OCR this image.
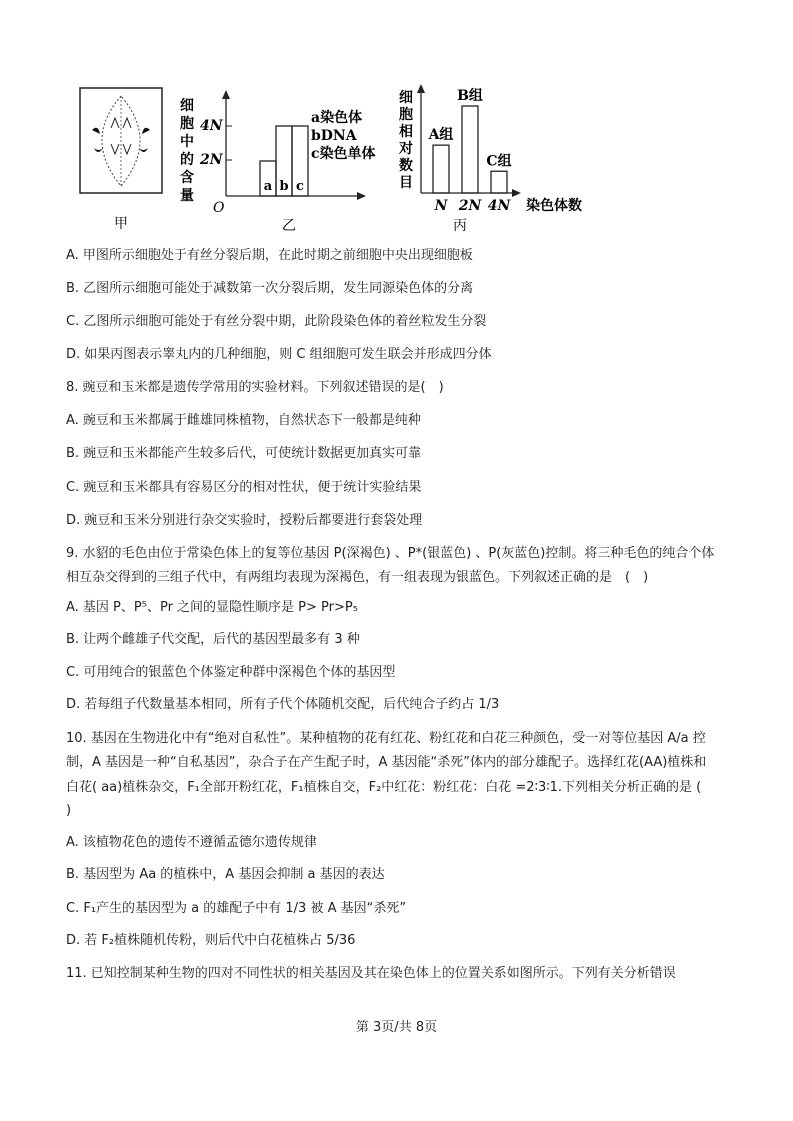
甲
细
胞
中
的
含
量
4N
2N
O
a b c
a染色体
bDNA
c染色单体
乙
细
胞
相
对
数
目
A组
N
B组
2N
C组
4N 染色体数
丙
A. 甲图所示细胞处于有丝分裂后期，在此时期之前细胞中央出现细胞板
B. 乙图所示细胞可能处于减数第一次分裂后期，发生同源染色体的分离
C. 乙图所示细胞可能处于有丝分裂中期，此阶段染色体的着丝粒发生分裂
D. 如果丙图表示睾丸内的几种细胞，则 C 组细胞可发生联会并形成四分体
8. 豌豆和玉米都是遗传学常用的实验材料。下列叙述错误的是(　)
A. 豌豆和玉米都属于雌雄同株植物，自然状态下一般都是纯种
B. 豌豆和玉米都能产生较多后代，可使统计数据更加真实可靠
C. 豌豆和玉米都具有容易区分的相对性状，便于统计实验结果
D. 豌豆和玉米分别进行杂交实验时，授粉后都要进行套袋处理
9. 水貂的毛色由位于常染色体上的复等位基因 P(深褐色) 、P*(银蓝色) 、P(灰蓝色)控制。将三种毛色的纯合个体
相互杂交得到的三组子代中，有两组均表现为深褐色，有一组表现为银蓝色。下列叙述正确的是　(　)
A. 基因 P、P⁵、Pr 之间的显隐性顺序是 P> Pr>P₅
B. 让两个雌雄子代交配，后代的基因型最多有 3 种
C. 可用纯合的银蓝色个体鉴定种群中深褐色个体的基因型
D. 若每组子代数量基本相同，所有子代个体随机交配，后代纯合子约占 1/3
10. 基因在生物进化中有“绝对自私性”。某种植物的花有红花、粉红花和白花三种颜色，受一对等位基因 A/a 控
制，A 基因是一种“自私基因”，杂合子在产生配子时，A 基因能“杀死”体内的部分雄配子。选择红花(AA)植株和
白花( aa)植株杂交，F₁全部开粉红花，F₁植株自交，F₂中红花：粉红花：白花 =2∶3∶1.下列相关分析正确的是 (
)
A. 该植物花色的遗传不遵循孟德尔遗传规律
B. 基因型为 Aa 的植株中，A 基因会抑制 a 基因的表达
C. F₁产生的基因型为 a 的雄配子中有 1/3 被 A 基因“杀死”
D. 若 F₂植株随机传粉，则后代中白花植株占 5/36
11. 已知控制某种生物的四对不同性状的相关基因及其在染色体上的位置关系如图所示。下列有关分析错误
第 3页/共 8页
